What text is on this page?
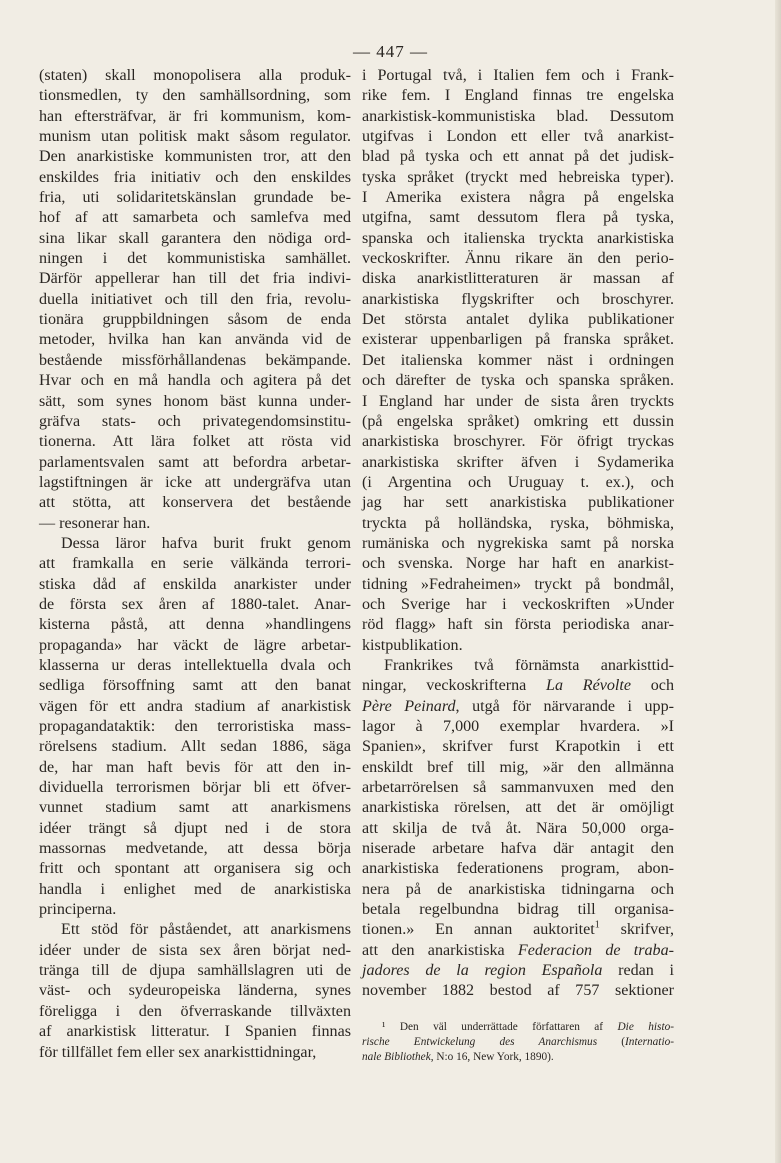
— 447 —
(staten) skall monopolisera alla produk-
tionsmedlen, ty den samhällsordning, som
han eftersträfvar, är fri kommunism, kom-
munism utan politisk makt såsom regulator.
Den anarkistiske kommunisten tror, att den
enskildes fria initiativ och den enskildes
fria, uti solidaritetskänslan grundade be-
hof af att samarbeta och samlefva med
sina likar skall garantera den nödiga ord-
ningen i det kommunistiska samhället.
Därför appellerar han till det fria indivi-
duella initiativet och till den fria, revolu-
tionära gruppbildningen såsom de enda
metoder, hvilka han kan använda vid de
bestående missförhållandenas bekämpande.
Hvar och en må handla och agitera på det
sätt, som synes honom bäst kunna under-
gräfva stats- och privategendomsinstitu-
tionerna. Att lära folket att rösta vid
parlamentsvalen samt att befordra arbetar-
lagstiftningen är icke att undergräfva utan
att stötta, att konservera det bestående
— resonerar han.
Dessa läror hafva burit frukt genom
att framkalla en serie välkända terrori-
stiska dåd af enskilda anarkister under
de första sex åren af 1880-talet. Anar-
kisterna påstå, att denna »handlingens
propaganda» har väckt de lägre arbetar-
klasserna ur deras intellektuella dvala och
sedliga försoffning samt att den banat
vägen för ett andra stadium af anarkistisk
propagandataktik: den terroristiska mass-
rörelsens stadium. Allt sedan 1886, säga
de, har man haft bevis för att den in-
dividuella terrorismen börjar bli ett öfver-
vunnet stadium samt att anarkismens
idéer trängt så djupt ned i de stora
massornas medvetande, att dessa börja
fritt och spontant att organisera sig och
handla i enlighet med de anarkistiska
principerna.
Ett stöd för påståendet, att anarkismens
idéer under de sista sex åren börjat ned-
tränga till de djupa samhällslagren uti de
väst- och sydeuropeiska länderna, synes
föreligga i den öfverraskande tillväxten
af anarkistisk litteratur. I Spanien finnas
för tillfället fem eller sex anarkisttidningar,
i Portugal två, i Italien fem och i Frank-
rike fem. I England finnas tre engelska
anarkistisk-kommunistiska blad. Dessutom
utgifvas i London ett eller två anarkist-
blad på tyska och ett annat på det judisk-
tyska språket (tryckt med hebreiska typer).
I Amerika existera några på engelska
utgifna, samt dessutom flera på tyska,
spanska och italienska tryckta anarkistiska
veckoskrifter. Ännu rikare än den perio-
diska anarkistlitteraturen är massan af
anarkistiska flygskrifter och broschyrer.
Det största antalet dylika publikationer
existerar uppenbarligen på franska språket.
Det italienska kommer näst i ordningen
och därefter de tyska och spanska språken.
I England har under de sista åren tryckts
(på engelska språket) omkring ett dussin
anarkistiska broschyrer. För öfrigt tryckas
anarkistiska skrifter äfven i Sydamerika
(i Argentina och Uruguay t. ex.), och
jag har sett anarkistiska publikationer
tryckta på holländska, ryska, böhmiska,
rumäniska och nygrekiska samt på norska
och svenska. Norge har haft en anarkist-
tidning »Fedraheimen» tryckt på bondmål,
och Sverige har i veckoskriften »Under
röd flagg» haft sin första periodiska anar-
kistpublikation.
Frankrikes två förnämsta anarkisttid-
ningar, veckoskrifterna La Révolte och
Père Peinard, utgå för närvarande i upp-
lagor à 7,000 exemplar hvardera. »I
Spanien», skrifver furst Krapotkin i ett
enskildt bref till mig, »är den allmänna
arbetarrörelsen så sammanvuxen med den
anarkistiska rörelsen, att det är omöjligt
att skilja de två åt. Nära 50,000 orga-
niserade arbetare hafva där antagit den
anarkistiska federationens program, abon-
nera på de anarkistiska tidningarna och
betala regelbundna bidrag till organisa-
tionen.» En annan auktoritet$^1$ skrifver,
att den anarkistiska Federacion de traba-
jadores de la region Española redan i
november 1882 bestod af 757 sektioner
¹ Den väl underrättade författaren af Die histo-
rische Entwickelung des Anarchismus (Internatio-
nale Bibliothek, N:o 16, New York, 1890).
